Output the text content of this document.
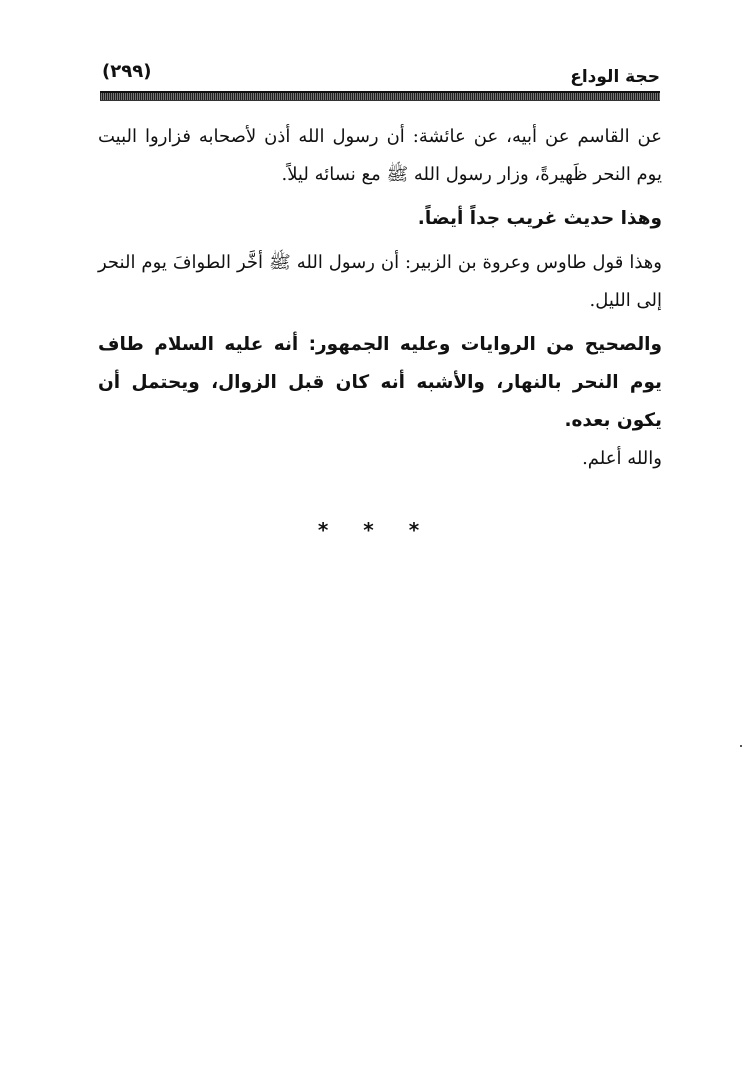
حجة الوداع
(٢٩٩)

عن القاسم عن أبيه، عن عائشة: أن رسول الله أذن لأصحابه فزاروا البيت يوم النحر ظَهيرةً، وزار رسول الله ﷺ مع نسائه ليلاً.

وهذا حديث غريب جداً أيضاً.

وهذا قول طاوس وعروة بن الزبير: أن رسول الله ﷺ أخَّر الطوافَ يوم النحر إلى الليل.

والصحيح من الروايات وعليه الجمهور: أنه عليه السلام طاف يوم النحر بالنهار، والأشبه أنه كان قبل الزوال، ويحتمل أن يكون بعده.

والله أعلم.

* * *
